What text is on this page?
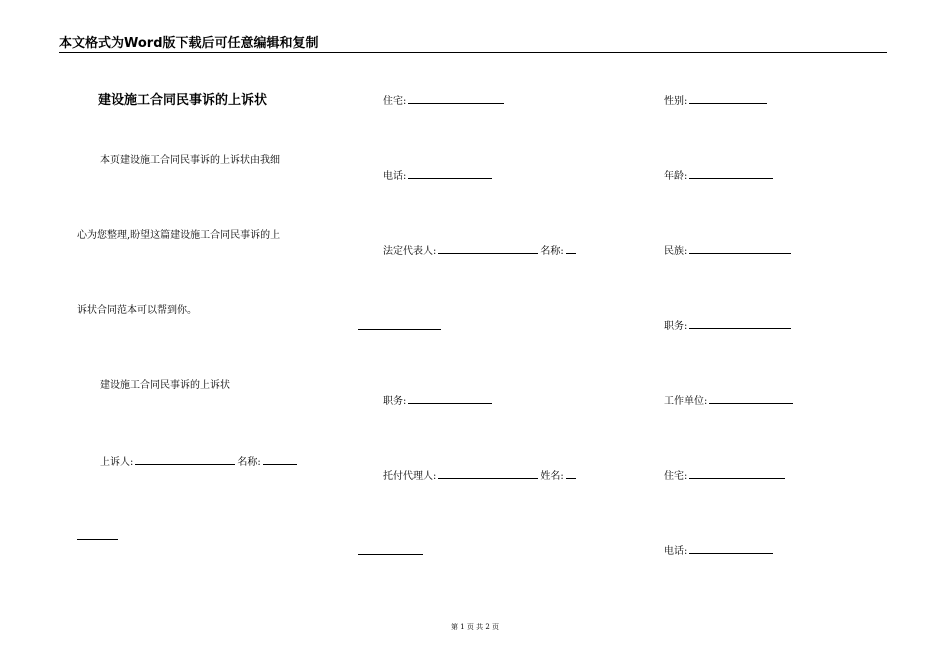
本文格式为Word版下载后可任意编辑和复制
建设施工合同民事诉的上诉状
本页建设施工合同民事诉的上诉状由我细
心为您整理,盼望这篇建设施工合同民事诉的上
诉状合同范本可以帮到你。
建设施工合同民事诉的上诉状
上诉人:	名称:
住宅:
电话:
法定代表人:	名称:
职务:
托付代理人:	姓名:
性别:
年龄:
民族:
职务:
工作单位:
住宅:
电话:
第 1 页 共 2 页
